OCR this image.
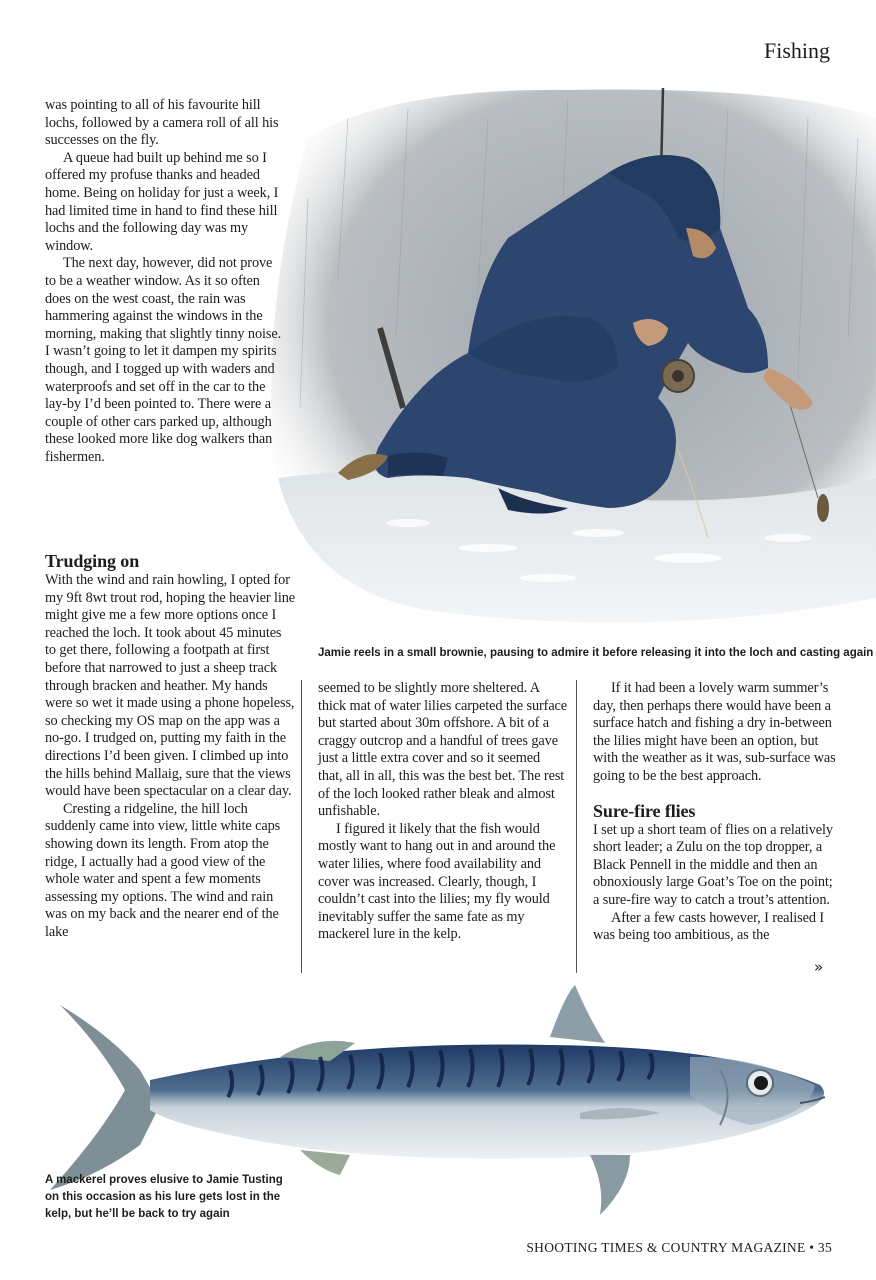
Fishing
Jamie reels in a small brownie, pausing to admire it before releasing it into the loch and casting again

was pointing to all of his favourite hill lochs, followed by a camera roll of all his successes on the fly.

A queue had built up behind me so I offered my profuse thanks and headed home. Being on holiday for just a week, I had limited time in hand to find these hill lochs and the following day was my window.

The next day, however, did not prove to be a weather window. As it so often does on the west coast, the rain was hammering against the windows in the morning, making that slightly tinny noise. I wasn’t going to let it dampen my spirits though, and I togged up with waders and waterproofs and set off in the car to the lay-by I’d been pointed to. There were a couple of other cars parked up, although these looked more like dog walkers than fishermen.

Trudging on

With the wind and rain howling, I opted for my 9ft 8wt trout rod, hoping the heavier line might give me a few more options once I reached the loch. It took about 45 minutes to get there, following a footpath at first before that narrowed to just a sheep track through bracken and heather. My hands were so wet it made using a phone hopeless, so checking my OS map on the app was a no-go. I trudged on, putting my faith in the directions I’d been given. I climbed up into the hills behind Mallaig, sure that the views would have been spectacular on a clear day.

Cresting a ridgeline, the hill loch suddenly came into view, little white caps showing down its length. From atop the ridge, I actually had a good view of the whole water and spent a few moments assessing my options. The wind and rain was on my back and the nearer end of the lake

seemed to be slightly more sheltered. A thick mat of water lilies carpeted the surface but started about 30m offshore. A bit of a craggy outcrop and a handful of trees gave just a little extra cover and so it seemed that, all in all, this was the best bet. The rest of the loch looked rather bleak and almost unfishable.

I figured it likely that the fish would mostly want to hang out in and around the water lilies, where food availability and cover was increased. Clearly, though, I couldn’t cast into the lilies; my fly would inevitably suffer the same fate as my mackerel lure in the kelp.

If it had been a lovely warm summer’s day, then perhaps there would have been a surface hatch and fishing a dry in-between the lilies might have been an option, but with the weather as it was, sub-surface was going to be the best approach.

Sure-fire flies

I set up a short team of flies on a relatively short leader; a Zulu on the top dropper, a Black Pennell in the middle and then an obnoxiously large Goat’s Toe on the point; a sure-fire way to catch a trout’s attention.

After a few casts however, I realised I was being too ambitious, as the

»
A mackerel proves elusive to Jamie Tusting on this occasion as his lure gets lost in the kelp, but he’ll be back to try again
SHOOTING TIMES & COUNTRY MAGAZINE • 35
